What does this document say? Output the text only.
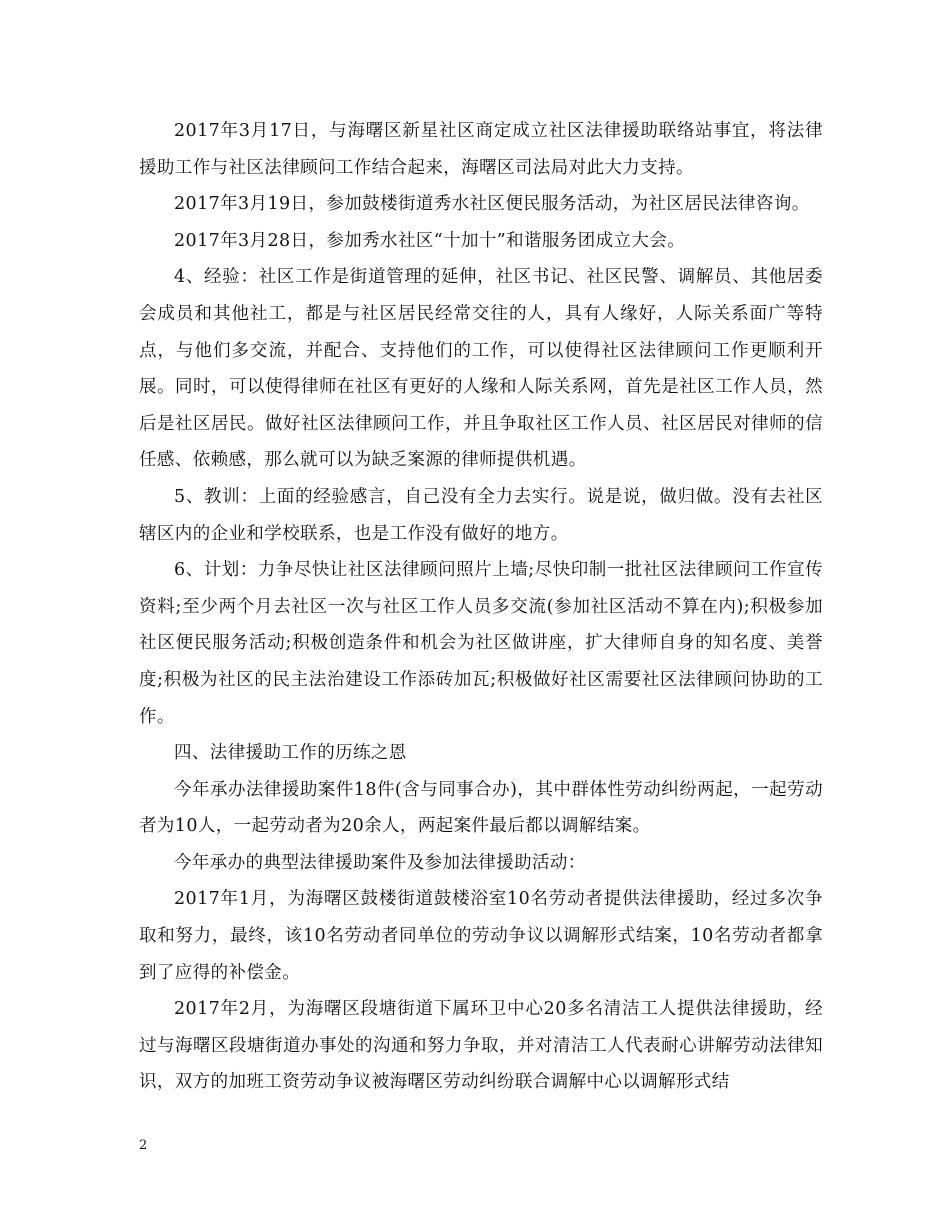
2017年3月17日，与海曙区新星社区商定成立社区法律援助联络站事宜，将法律援助工作与社区法律顾问工作结合起来，海曙区司法局对此大力支持。

2017年3月19日，参加鼓楼街道秀水社区便民服务活动，为社区居民法律咨询。

2017年3月28日，参加秀水社区“十加十”和谐服务团成立大会。

4、经验：社区工作是街道管理的延伸，社区书记、社区民警、调解员、其他居委会成员和其他社工，都是与社区居民经常交往的人，具有人缘好，人际关系面广等特点，与他们多交流，并配合、支持他们的工作，可以使得社区法律顾问工作更顺利开展。同时，可以使得律师在社区有更好的人缘和人际关系网，首先是社区工作人员，然后是社区居民。做好社区法律顾问工作，并且争取社区工作人员、社区居民对律师的信任感、依赖感，那么就可以为缺乏案源的律师提供机遇。

5、教训：上面的经验感言，自己没有全力去实行。说是说，做归做。没有去社区辖区内的企业和学校联系，也是工作没有做好的地方。

6、计划：力争尽快让社区法律顾问照片上墙;尽快印制一批社区法律顾问工作宣传资料;至少两个月去社区一次与社区工作人员多交流(参加社区活动不算在内);积极参加社区便民服务活动;积极创造条件和机会为社区做讲座，扩大律师自身的知名度、美誉度;积极为社区的民主法治建设工作添砖加瓦;积极做好社区需要社区法律顾问协助的工作。

四、法律援助工作的历练之恩

今年承办法律援助案件18件(含与同事合办)，其中群体性劳动纠纷两起，一起劳动者为10人，一起劳动者为20余人，两起案件最后都以调解结案。

今年承办的典型法律援助案件及参加法律援助活动：

2017年1月，为海曙区鼓楼街道鼓楼浴室10名劳动者提供法律援助，经过多次争取和努力，最终，该10名劳动者同单位的劳动争议以调解形式结案，10名劳动者都拿到了应得的补偿金。

2017年2月，为海曙区段塘街道下属环卫中心20多名清洁工人提供法律援助，经过与海曙区段塘街道办事处的沟通和努力争取，并对清洁工人代表耐心讲解劳动法律知识，双方的加班工资劳动争议被海曙区劳动纠纷联合调解中心以调解形式结

2
